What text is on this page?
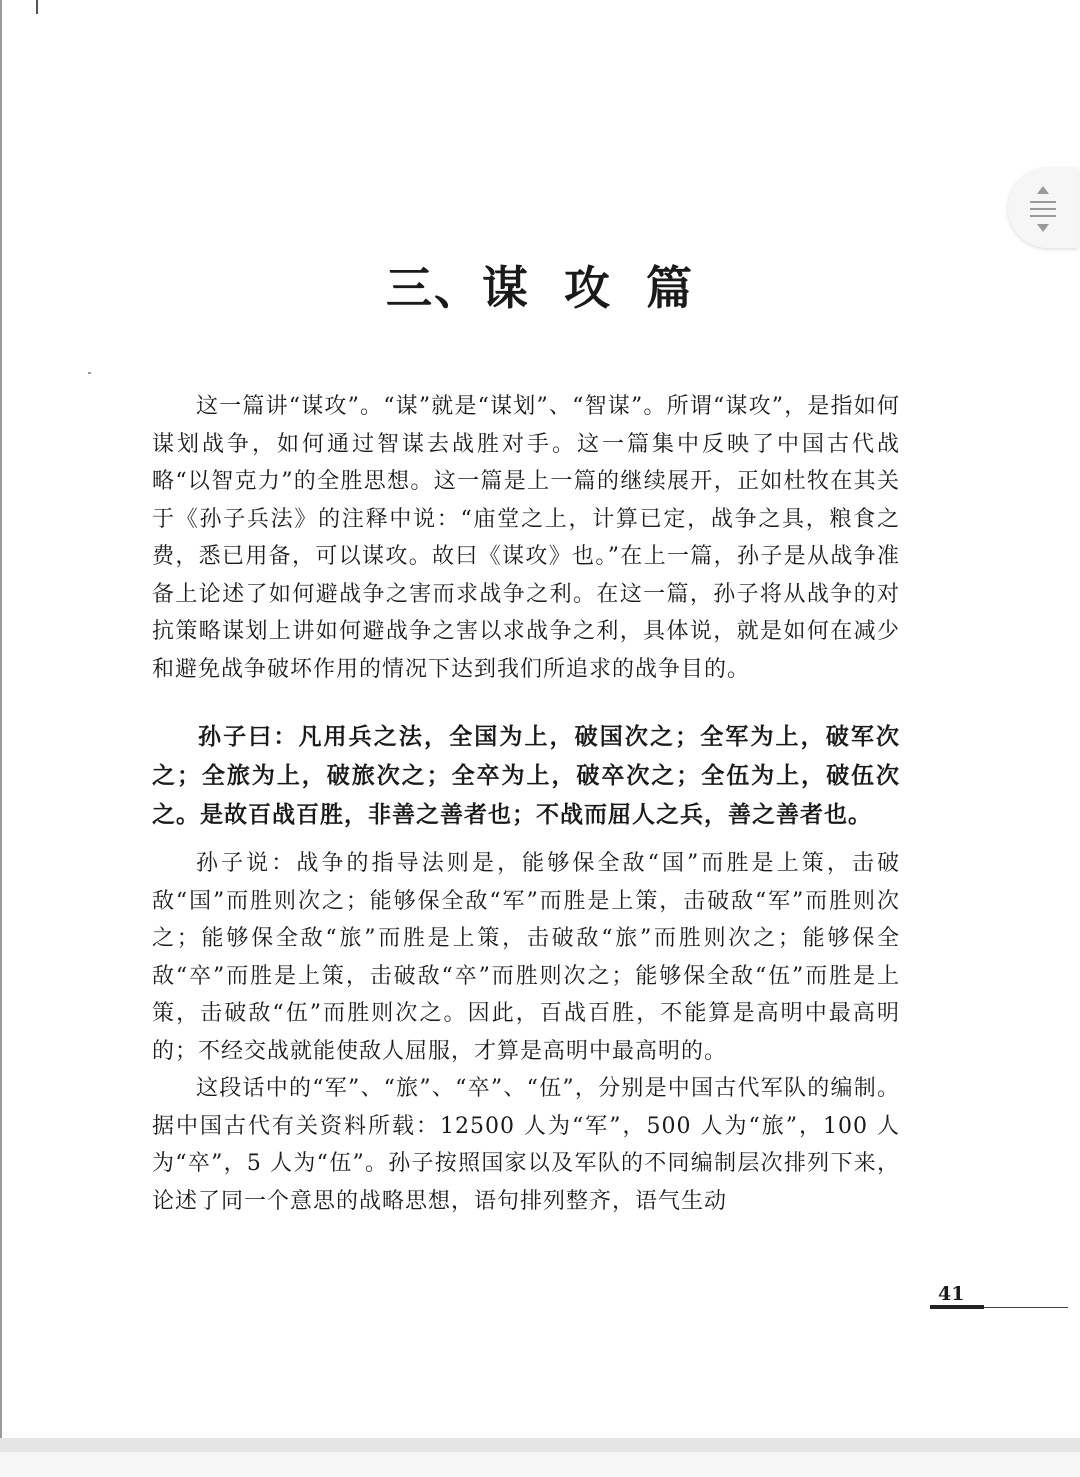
三、谋 攻 篇

这一篇讲“谋攻”。“谋”就是“谋划”、“智谋”。所谓“谋攻”，是指如何谋划战争，如何通过智谋去战胜对手。这一篇集中反映了中国古代战略“以智克力”的全胜思想。这一篇是上一篇的继续展开，正如杜牧在其关于《孙子兵法》的注释中说：“庙堂之上，计算已定，战争之具，粮食之费，悉已用备，可以谋攻。故曰《谋攻》也。”在上一篇，孙子是从战争准备上论述了如何避战争之害而求战争之利。在这一篇，孙子将从战争的对抗策略谋划上讲如何避战争之害以求战争之利，具体说，就是如何在减少和避免战争破坏作用的情况下达到我们所追求的战争目的。

孙子曰：凡用兵之法，全国为上，破国次之；全军为上，破军次之；全旅为上，破旅次之；全卒为上，破卒次之；全伍为上，破伍次之。是故百战百胜，非善之善者也；不战而屈人之兵，善之善者也。

孙子说：战争的指导法则是，能够保全敌“国”而胜是上策，击破敌“国”而胜则次之；能够保全敌“军”而胜是上策，击破敌“军”而胜则次之；能够保全敌“旅”而胜是上策，击破敌“旅”而胜则次之；能够保全敌“卒”而胜是上策，击破敌“卒”而胜则次之；能够保全敌“伍”而胜是上策，击破敌“伍”而胜则次之。因此，百战百胜，不能算是高明中最高明的；不经交战就能使敌人屈服，才算是高明中最高明的。

这段话中的“军”、“旅”、“卒”、“伍”，分别是中国古代军队的编制。据中国古代有关资料所载：12500 人为“军”，500 人为“旅”，100 人为“卒”，5 人为“伍”。孙子按照国家以及军队的不同编制层次排列下来，论述了同一个意思的战略思想，语句排列整齐，语气生动

41
